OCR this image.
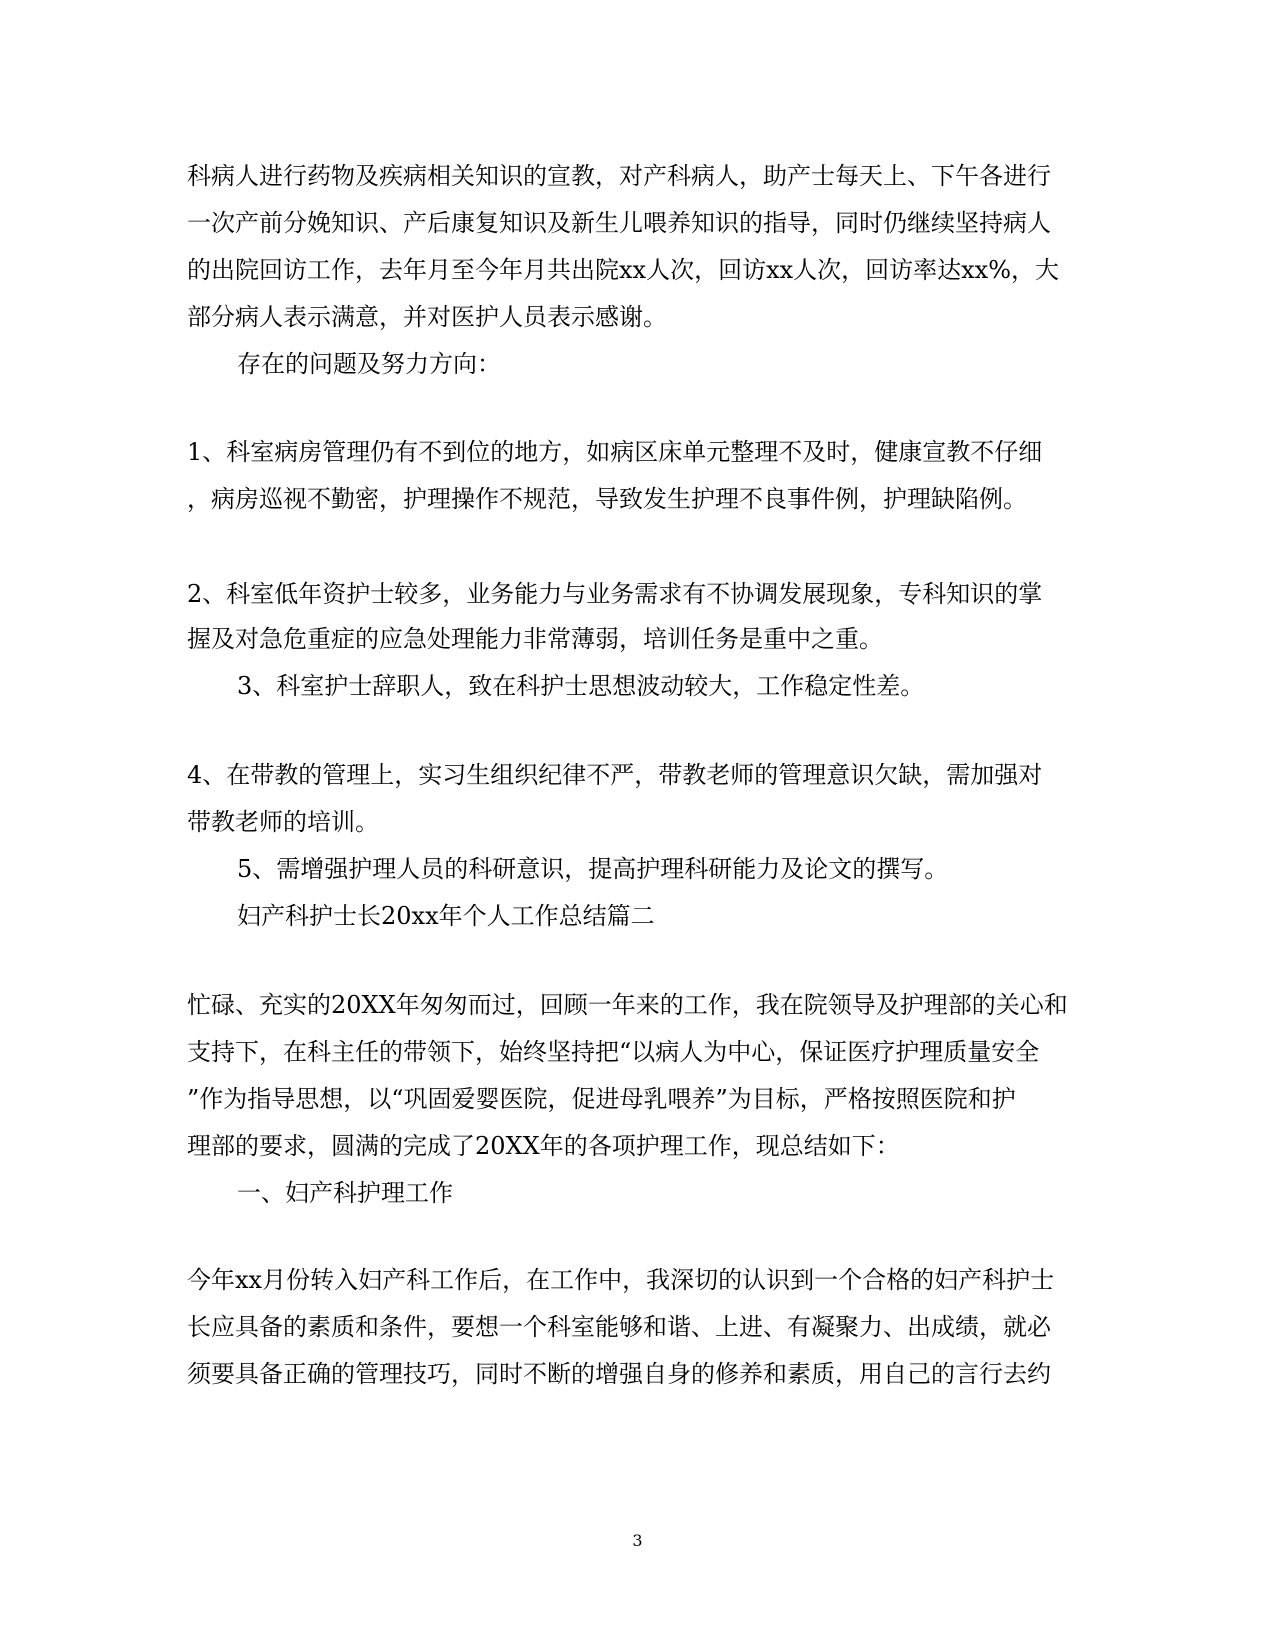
科病人进行药物及疾病相关知识的宣教，对产科病人，助产士每天上、下午各进行
一次产前分娩知识、产后康复知识及新生儿喂养知识的指导，同时仍继续坚持病人
的出院回访工作，去年月至今年月共出院xx人次，回访xx人次，回访率达xx%，大
部分病人表示满意，并对医护人员表示感谢。
存在的问题及努力方向：
1、科室病房管理仍有不到位的地方，如病区床单元整理不及时，健康宣教不仔细
，病房巡视不勤密，护理操作不规范，导致发生护理不良事件例，护理缺陷例。
2、科室低年资护士较多，业务能力与业务需求有不协调发展现象，专科知识的掌
握及对急危重症的应急处理能力非常薄弱，培训任务是重中之重。
3、科室护士辞职人，致在科护士思想波动较大，工作稳定性差。
4、在带教的管理上，实习生组织纪律不严，带教老师的管理意识欠缺，需加强对
带教老师的培训。
5、需增强护理人员的科研意识，提高护理科研能力及论文的撰写。
妇产科护士长20xx年个人工作总结篇二
忙碌、充实的20XX年匆匆而过，回顾一年来的工作，我在院领导及护理部的关心和
支持下，在科主任的带领下，始终坚持把“以病人为中心，保证医疗护理质量安全
”作为指导思想，以“巩固爱婴医院，促进母乳喂养”为目标，严格按照医院和护
理部的要求，圆满的完成了20XX年的各项护理工作，现总结如下：
一、妇产科护理工作
今年xx月份转入妇产科工作后，在工作中，我深切的认识到一个合格的妇产科护士
长应具备的素质和条件，要想一个科室能够和谐、上进、有凝聚力、出成绩，就必
须要具备正确的管理技巧，同时不断的增强自身的修养和素质，用自己的言行去约
3
